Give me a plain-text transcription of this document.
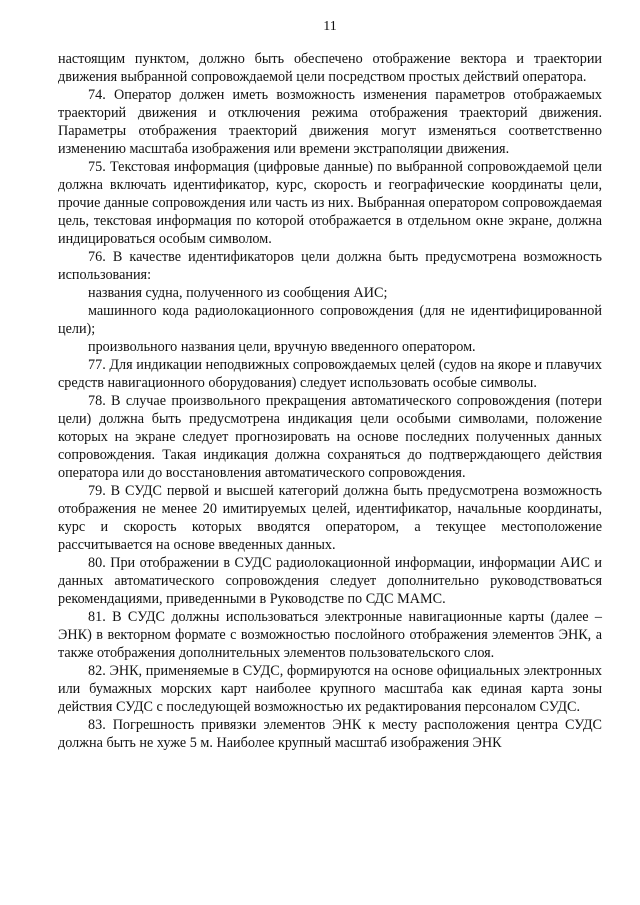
11

настоящим пунктом, должно быть обеспечено отображение вектора и траектории движения выбранной сопровождаемой цели посредством простых действий оператора.

74. Оператор должен иметь возможность изменения параметров отображаемых траекторий движения и отключения режима отображения траекторий движения. Параметры отображения траекторий движения могут изменяться соответственно изменению масштаба изображения или времени экстраполяции движения.

75. Текстовая информация (цифровые данные) по выбранной сопровождаемой цели должна включать идентификатор, курс, скорость и географические координаты цели, прочие данные сопровождения или часть из них. Выбранная оператором сопровождаемая цель, текстовая информация по которой отображается в отдельном окне экране, должна индицироваться особым символом.

76. В качестве идентификаторов цели должна быть предусмотрена возможность использования:

названия судна, полученного из сообщения АИС;

машинного кода радиолокационного сопровождения (для не идентифицированной цели);

произвольного названия цели, вручную введенного оператором.

77. Для индикации неподвижных сопровождаемых целей (судов на якоре и плавучих средств навигационного оборудования) следует использовать особые символы.

78. В случае произвольного прекращения автоматического сопровождения (потери цели) должна быть предусмотрена индикация цели особыми символами, положение которых на экране следует прогнозировать на основе последних полученных данных сопровождения. Такая индикация должна сохраняться до подтверждающего действия оператора или до восстановления автоматического сопровождения.

79. В СУДС первой и высшей категорий должна быть предусмотрена возможность отображения не менее 20 имитируемых целей, идентификатор, начальные координаты, курс и скорость которых вводятся оператором, а текущее местоположение рассчитывается на основе введенных данных.

80. При отображении в СУДС радиолокационной информации, информации АИС и данных автоматического сопровождения следует дополнительно руководствоваться рекомендациями, приведенными в Руководстве по СДС МАМС.

81. В СУДС должны использоваться электронные навигационные карты (далее – ЭНК) в векторном формате с возможностью послойного отображения элементов ЭНК, а также отображения дополнительных элементов пользовательского слоя.

82. ЭНК, применяемые в СУДС, формируются на основе официальных электронных или бумажных морских карт наиболее крупного масштаба как единая карта зоны действия СУДС с последующей возможностью их редактирования персоналом СУДС.

83. Погрешность привязки элементов ЭНК к месту расположения центра СУДС должна быть не хуже 5 м. Наиболее крупный масштаб изображения ЭНК
